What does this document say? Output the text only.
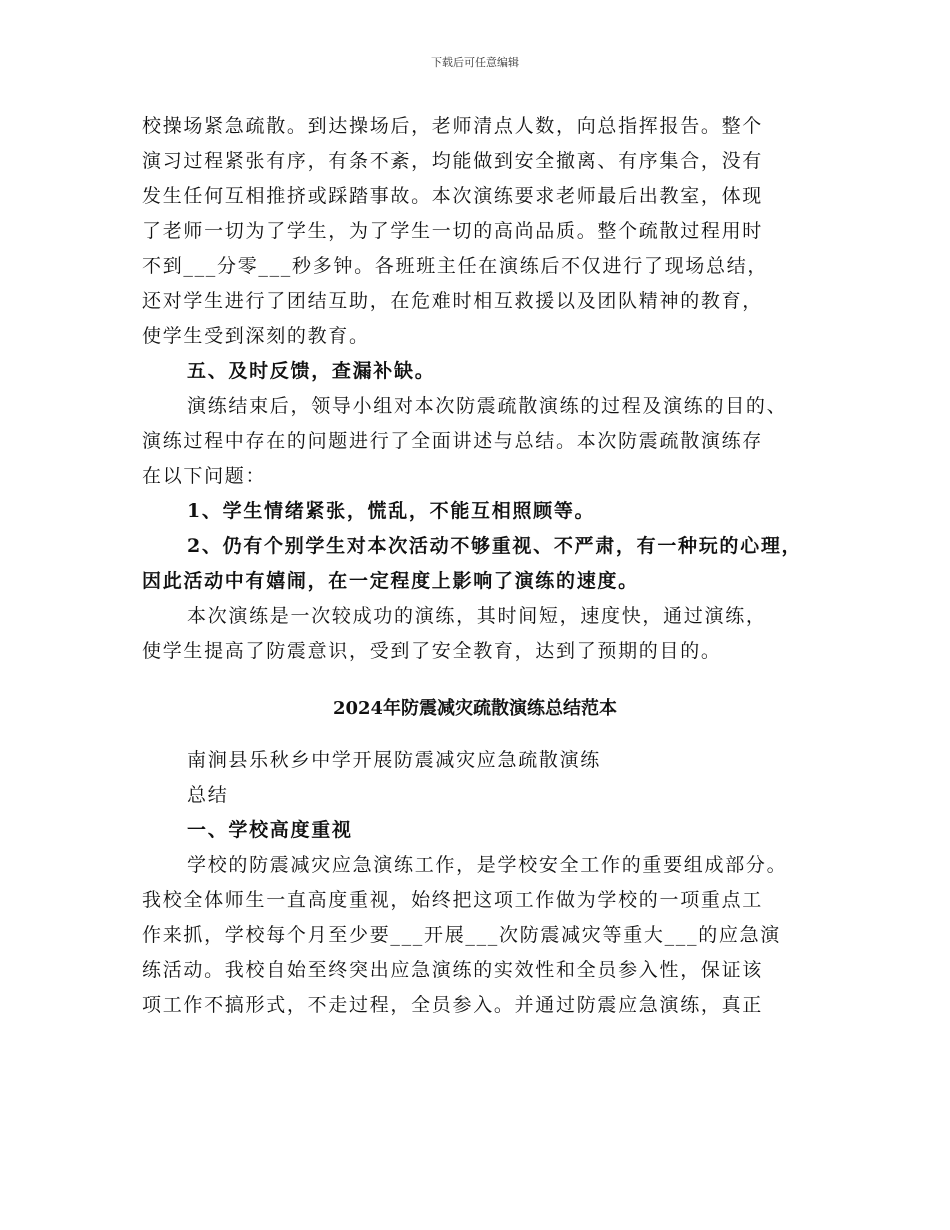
下载后可任意编辑
校操场紧急疏散。到达操场后，老师清点人数，向总指挥报告。整个
演习过程紧张有序，有条不紊，均能做到安全撤离、有序集合，没有
发生任何互相推挤或踩踏事故。本次演练要求老师最后出教室，体现
了老师一切为了学生，为了学生一切的高尚品质。整个疏散过程用时
不到___分零___秒多钟。各班班主任在演练后不仅进行了现场总结，
还对学生进行了团结互助，在危难时相互救援以及团队精神的教育，
使学生受到深刻的教育。
五、及时反馈，查漏补缺。
演练结束后，领导小组对本次防震疏散演练的过程及演练的目的、
演练过程中存在的问题进行了全面讲述与总结。本次防震疏散演练存
在以下问题：
1、学生情绪紧张，慌乱，不能互相照顾等。
2、仍有个别学生对本次活动不够重视、不严肃，有一种玩的心理，
因此活动中有嬉闹，在一定程度上影响了演练的速度。
本次演练是一次较成功的演练，其时间短，速度快，通过演练，
使学生提高了防震意识，受到了安全教育，达到了预期的目的。
2024年防震减灾疏散演练总结范本
南涧县乐秋乡中学开展防震减灾应急疏散演练
总结
一、学校高度重视
学校的防震减灾应急演练工作，是学校安全工作的重要组成部分。
我校全体师生一直高度重视，始终把这项工作做为学校的一项重点工
作来抓，学校每个月至少要___开展___次防震减灾等重大___的应急演
练活动。我校自始至终突出应急演练的实效性和全员参入性，保证该
项工作不搞形式，不走过程，全员参入。并通过防震应急演练，真正
